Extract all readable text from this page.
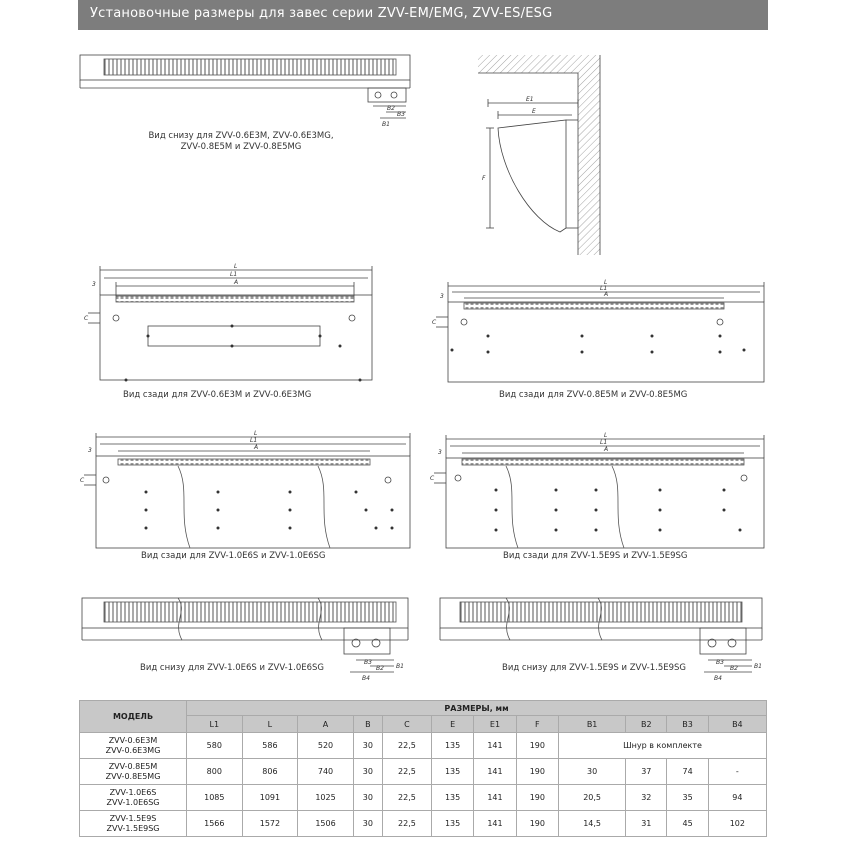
Установочные размеры для завес серии ZVV-EM/EMG, ZVV-ES/ESG
E1
E
F
L
L1
A
3
C
L
L1
A
3
C
L
L1
A
3
C
L
L1
A
3
C
B2
B3
B1
B3
B2
B4
B1
B3
B2
B4
B1
Вид снизу для ZVV-0.6E3M, ZVV-0.6E3MG,
ZVV-0.8E5M и ZVV-0.8E5MG
Вид сзади для ZVV-0.6E3M и ZVV-0.6E3MG	Вид сзади для ZVV-0.8E5M и ZVV-0.8E5MG
Вид сзади для ZVV-1.0E6S и ZVV-1.0E6SG	Вид сзади для ZVV-1.5E9S и ZVV-1.5E9SG
Вид снизу для ZVV-1.0E6S и ZVV-1.0E6SG	Вид снизу для ZVV-1.5E9S и ZVV-1.5E9SG
МОДЕЛЬ	РАЗМЕРЫ, мм											
	L1	L	A	B	C	E	E1	F	B1	B2	B3	B4

ZVV-0.6E3M
ZVV-0.6E3MG	580	586	520	30	22,5	135	141	190	Шнур в комплекте			

ZVV-0.8E5M
ZVV-0.8E5MG	800	806	740	30	22,5	135	141	190	30	37	74	-

ZVV-1.0E6S
ZVV-1.0E6SG	1085	1091	1025	30	22,5	135	141	190	20,5	32	35	94

ZVV-1.5E9S
ZVV-1.5E9SG	1566	1572	1506	30	22,5	135	141	190	14,5	31	45	102
